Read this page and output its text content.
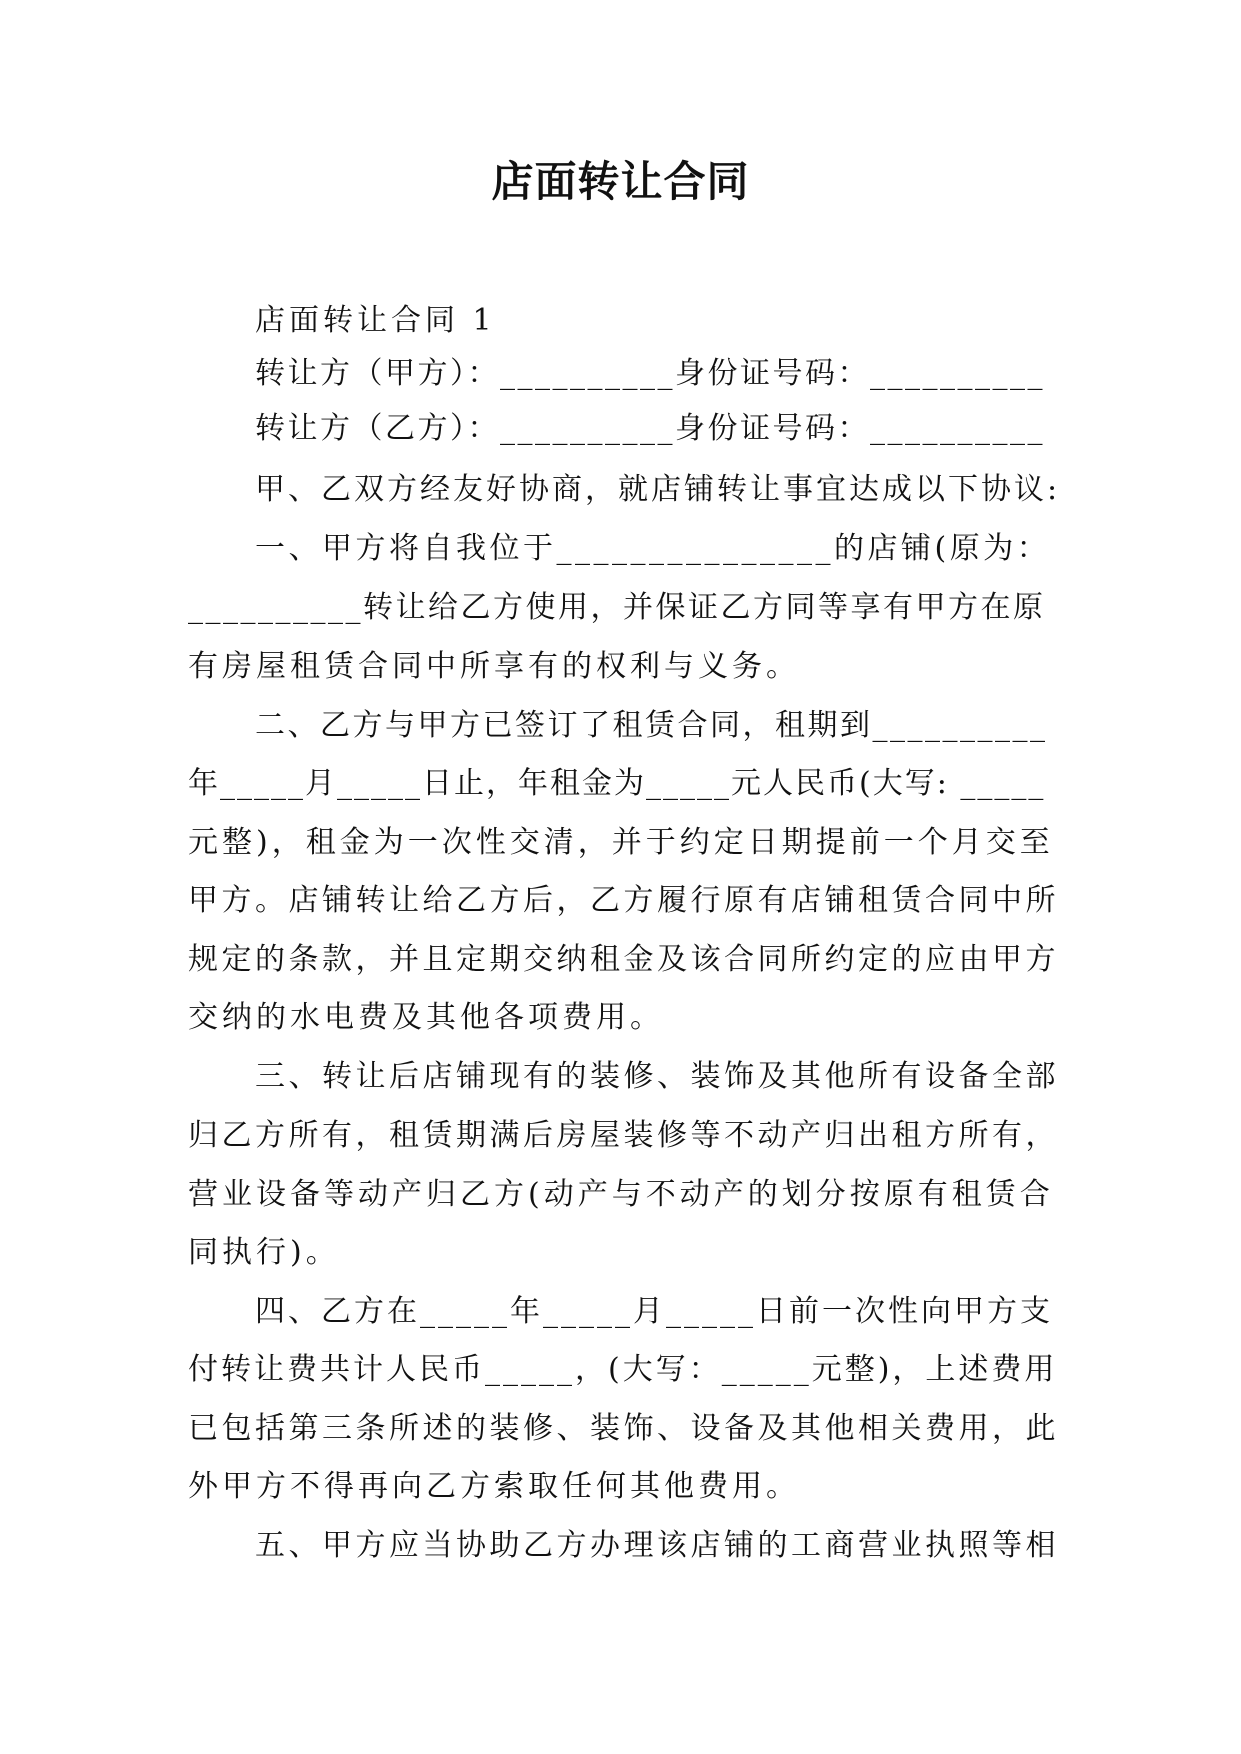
店面转让合同
店面转让合同 1
转让方（甲方）：__________身份证号码：__________
转让方（乙方）：__________身份证号码：__________
甲、乙双方经友好协商，就店铺转让事宜达成以下协议:
一、甲方将自我位于_______________的店铺(原为：
__________转让给乙方使用，并保证乙方同等享有甲方在原
有房屋租赁合同中所享有的权利与义务。
二、乙方与甲方已签订了租赁合同，租期到__________
年_____月_____日止，年租金为_____元人民币(大写: _____
元整)，租金为一次性交清，并于约定日期提前一个月交至
甲方。店铺转让给乙方后，乙方履行原有店铺租赁合同中所
规定的条款，并且定期交纳租金及该合同所约定的应由甲方
交纳的水电费及其他各项费用。
三、转让后店铺现有的装修、装饰及其他所有设备全部
归乙方所有，租赁期满后房屋装修等不动产归出租方所有，
营业设备等动产归乙方(动产与不动产的划分按原有租赁合
同执行)。
四、乙方在_____年_____月_____日前一次性向甲方支
付转让费共计人民币_____，(大写：_____元整)，上述费用
已包括第三条所述的装修、装饰、设备及其他相关费用，此
外甲方不得再向乙方索取任何其他费用。
五、甲方应当协助乙方办理该店铺的工商营业执照等相
